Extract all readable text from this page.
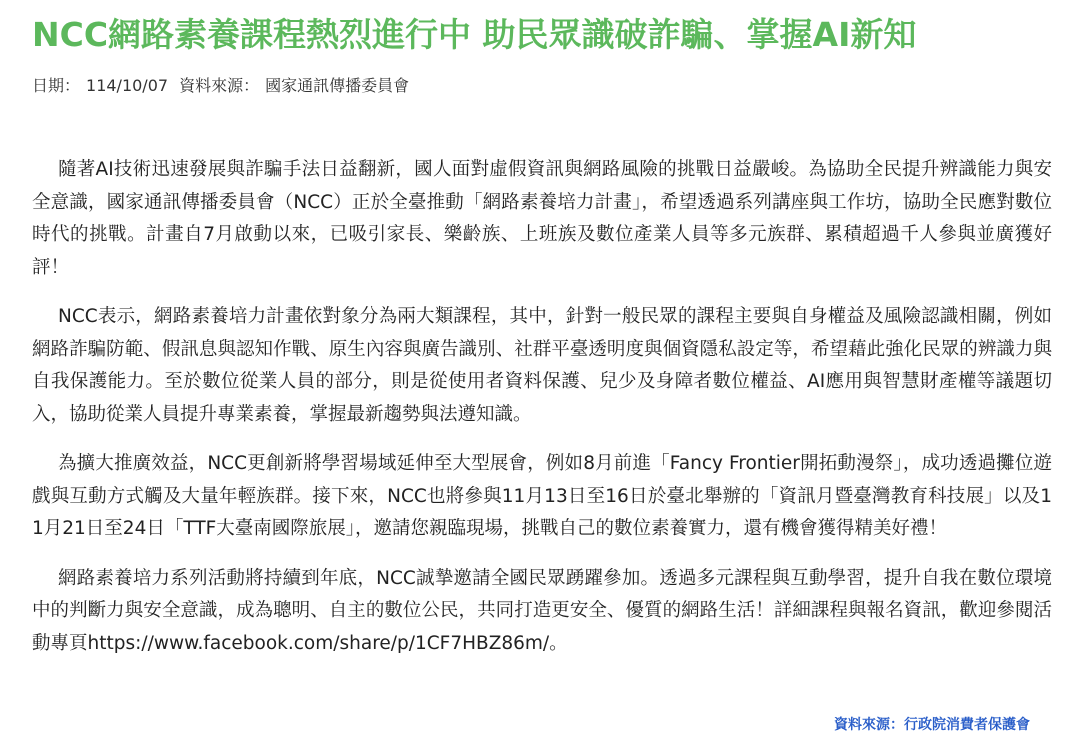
NCC網路素養課程熱烈進行中 助民眾識破詐騙、掌握AI新知
日期： 114/10/07 資料來源： 國家通訊傳播委員會

隨著AI技術迅速發展與詐騙手法日益翻新，國人面對虛假資訊與網路風險的挑戰日益嚴峻。為協助全民提升辨識能力與安全意識，國家通訊傳播委員會（NCC）正於全臺推動「網路素養培力計畫」，希望透過系列講座與工作坊，協助全民應對數位時代的挑戰。計畫自7月啟動以來，已吸引家長、樂齡族、上班族及數位產業人員等多元族群、累積超過千人參與並廣獲好評！

NCC表示，網路素養培力計畫依對象分為兩大類課程，其中，針對一般民眾的課程主要與自身權益及風險認識相關，例如網路詐騙防範、假訊息與認知作戰、原生內容與廣告識別、社群平臺透明度與個資隱私設定等，希望藉此強化民眾的辨識力與自我保護能力。至於數位從業人員的部分，則是從使用者資料保護、兒少及身障者數位權益、AI應用與智慧財產權等議題切入，協助從業人員提升專業素養，掌握最新趨勢與法遵知識。

為擴大推廣效益，NCC更創新將學習場域延伸至大型展會，例如8月前進「Fancy Frontier開拓動漫祭」，成功透過攤位遊戲與互動方式觸及大量年輕族群。接下來，NCC也將參與11月13日至16日於臺北舉辦的「資訊月暨臺灣教育科技展」以及11月21日至24日「TTF大臺南國際旅展」，邀請您親臨現場，挑戰自己的數位素養實力，還有機會獲得精美好禮！

網路素養培力系列活動將持續到年底，NCC誠摯邀請全國民眾踴躍參加。透過多元課程與互動學習，提升自我在數位環境中的判斷力與安全意識，成為聰明、自主的數位公民，共同打造更安全、優質的網路生活！詳細課程與報名資訊，歡迎參閱活動專頁https://www.facebook.com/share/p/1CF7HBZ86m/。

資料來源：行政院消費者保護會
